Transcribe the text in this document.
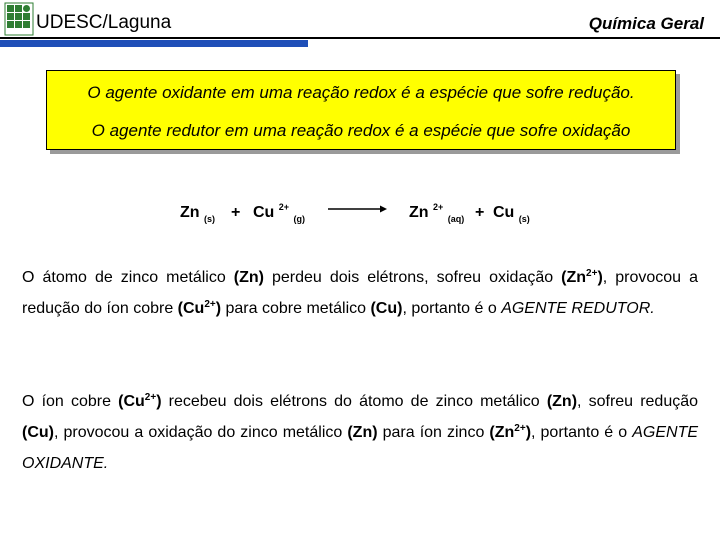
UDESC/Laguna	Química Geral
O agente oxidante em uma reação redox é a espécie que sofre redução.
O agente redutor em uma reação redox é a espécie que sofre oxidação
Zn $_{(s)}$ + Cu $^{2+}$ $_{(g)}$ → Zn $^{2+}$ $_{(aq)}$ + Cu $_{(s)}$
O átomo de zinco metálico (Zn) perdeu dois elétrons, sofreu oxidação $(Zn^{2+})$, provocou a redução do íon cobre $(Cu^{2+})$ para cobre metálico (Cu), portanto é o AGENTE REDUTOR.
O íon cobre $(Cu^{2+})$ recebeu dois elétrons do átomo de zinco metálico (Zn), sofreu redução (Cu), provocou a oxidação do zinco metálico (Zn) para íon zinco $(Zn^{2+})$, portanto é o AGENTE OXIDANTE.
